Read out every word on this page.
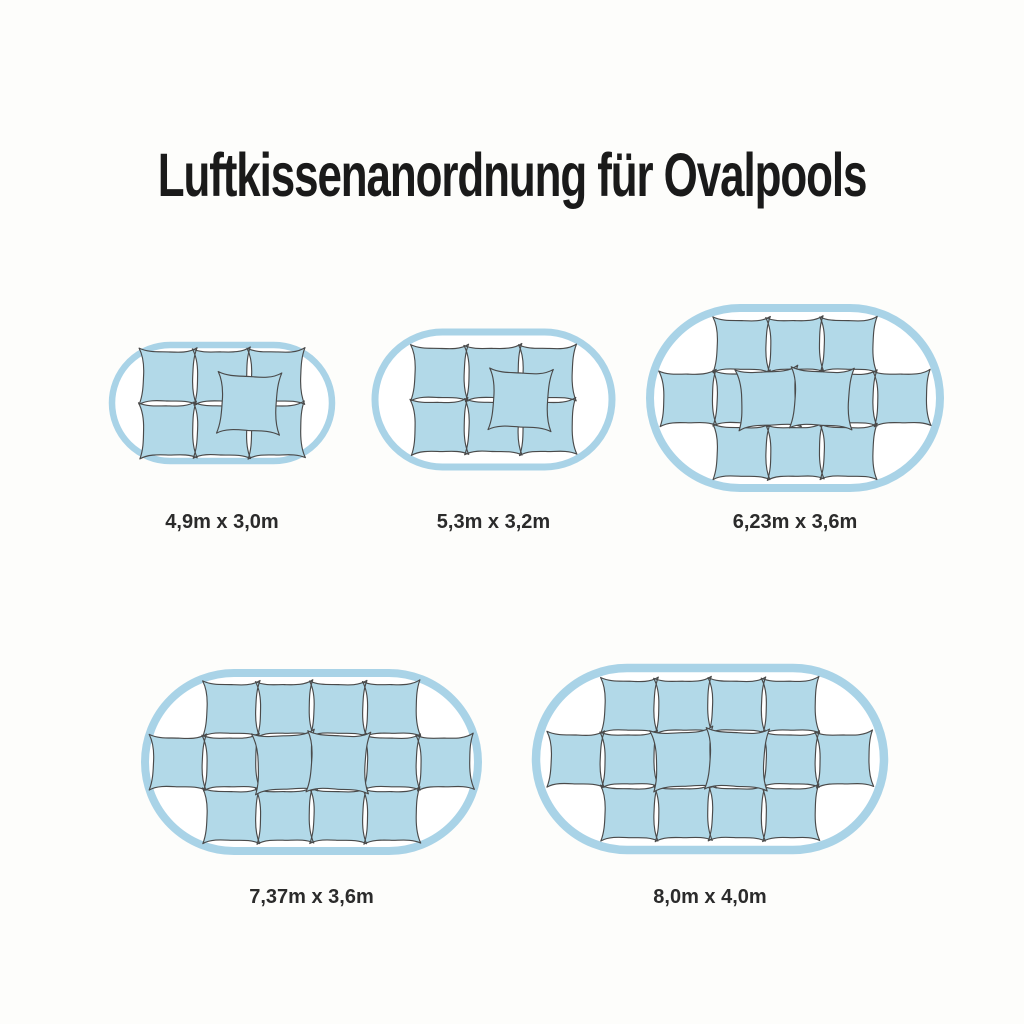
Luftkissenanordnung für Ovalpools
4,9m x 3,0m	5,3m x 3,2m	6,23m x 3,6m
7,37m x 3,6m	8,0m x 4,0m
